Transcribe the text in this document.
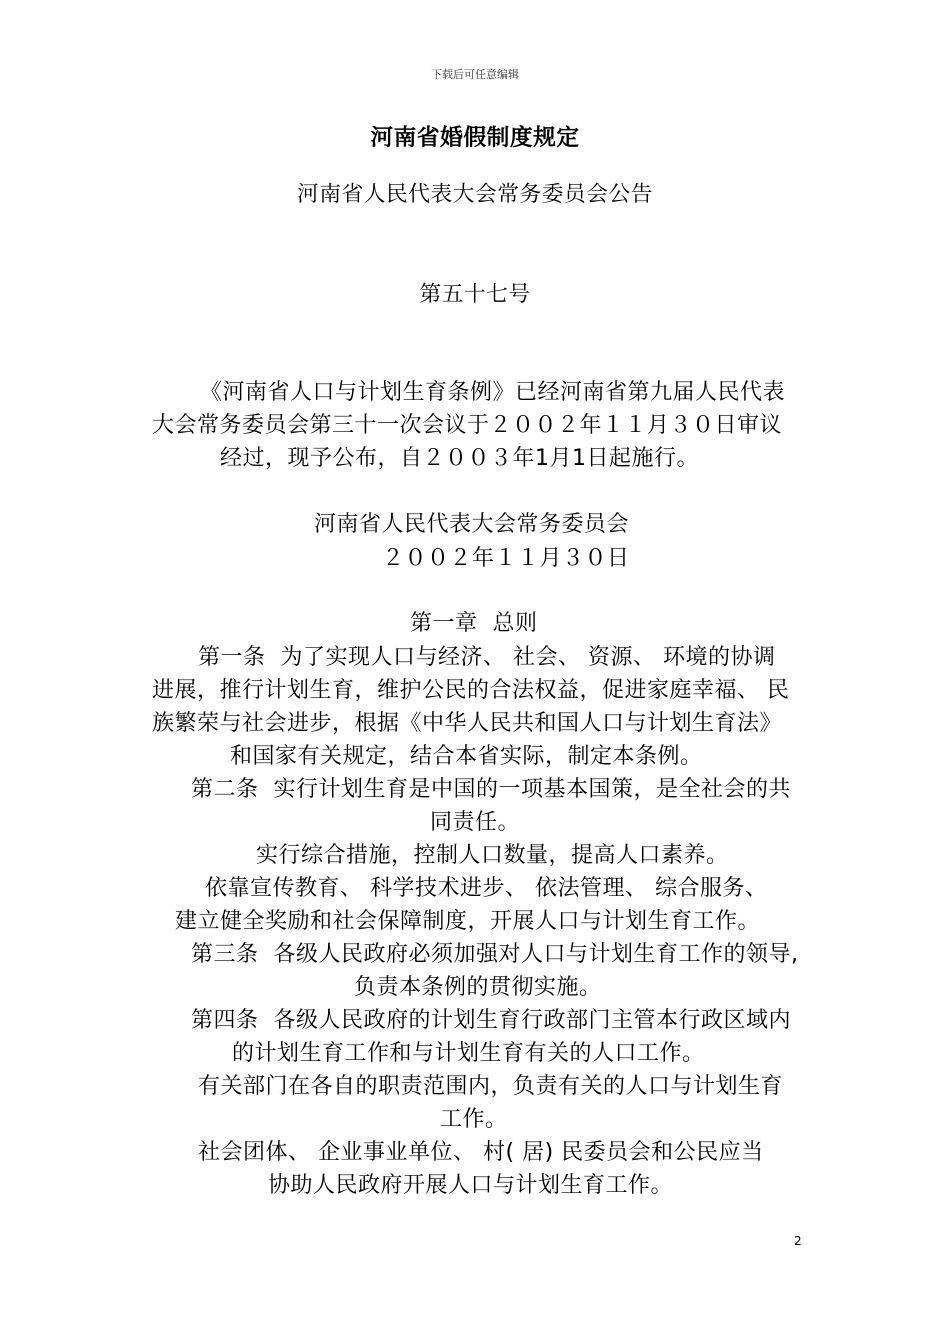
下载后可任意编辑
河南省婚假制度规定
河南省人民代表大会常务委员会公告
第五十七号
《河南省人口与计划生育条例》已经河南省第九届人民代表
大会常务委员会第三十一次会议于２００２年１１月３０日审议
经过，现予公布，自２００３年1月1日起施行。
河南省人民代表大会常务委员会
２００２年１１月３０日
第一章  总则
第一条  为了实现人口与经济、 社会、 资源、 环境的协调
进展，推行计划生育，维护公民的合法权益，促进家庭幸福、 民
族繁荣与社会进步，根据《中华人民共和国人口与计划生育法》
和国家有关规定，结合本省实际，制定本条例。
第二条  实行计划生育是中国的一项基本国策，是全社会的共
同责任。
实行综合措施，控制人口数量，提高人口素养。
依靠宣传教育、 科学技术进步、 依法管理、 综合服务、
建立健全奖励和社会保障制度，开展人口与计划生育工作。
第三条  各级人民政府必须加强对人口与计划生育工作的领导,
负责本条例的贯彻实施。
第四条  各级人民政府的计划生育行政部门主管本行政区域内
的计划生育工作和与计划生育有关的人口工作。
有关部门在各自的职责范围内，负责有关的人口与计划生育
工作。
社会团体、 企业事业单位、 村( 居) 民委员会和公民应当
协助人民政府开展人口与计划生育工作。
2
